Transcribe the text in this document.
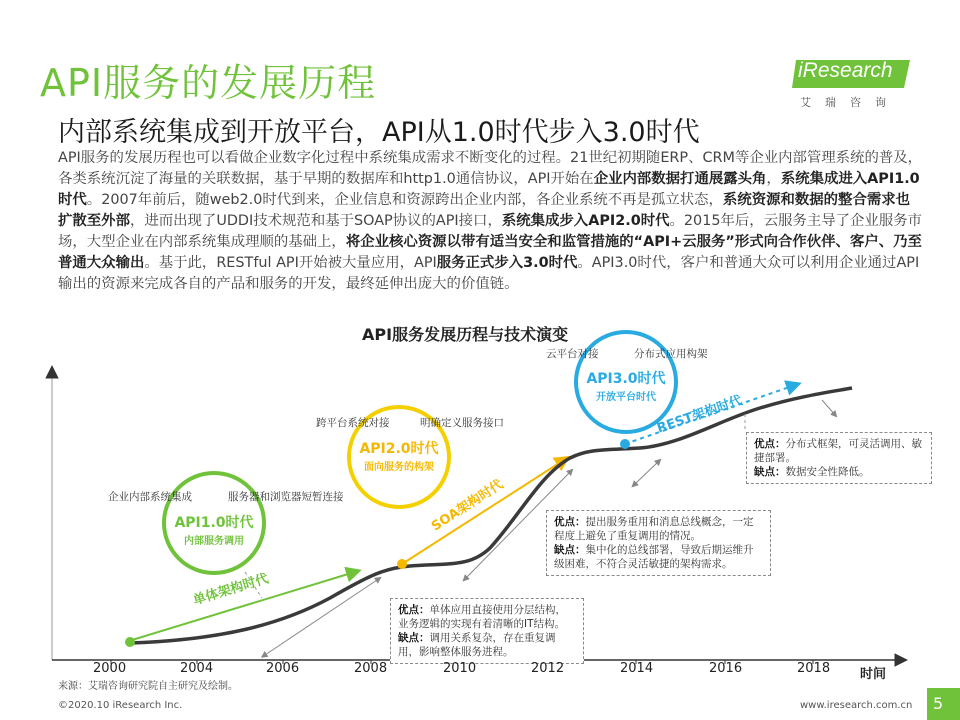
API服务的发展历程
内部系统集成到开放平台，API从1.0时代步入3.0时代
iResearch
艾瑞咨询
API服务的发展历程也可以看做企业数字化过程中系统集成需求不断变化的过程。21世纪初期随ERP、CRM等企业内部管理系统的普及，各类系统沉淀了海量的关联数据，基于早期的数据库和http1.0通信协议，API开始在企业内部数据打通展露头角，系统集成进入API1.0时代。2007年前后，随web2.0时代到来，企业信息和资源跨出企业内部，各企业系统不再是孤立状态，系统资源和数据的整合需求也扩散至外部，进而出现了UDDI技术规范和基于SOAP协议的API接口，系统集成步入API2.0时代。2015年后，云服务主导了企业服务市场，大型企业在内部系统集成理顺的基础上，将企业核心资源以带有适当安全和监管措施的“API+云服务”形式向合作伙伴、客户、乃至普通大众输出。基于此，RESTful API开始被大量应用，API服务正式步入3.0时代。API3.0时代，客户和普通大众可以利用企业通过API输出的资源来完成各自的产品和服务的开发，最终延伸出庞大的价值链。
API服务发展历程与技术演变
企业内部系统集成	服务器和浏览器短暂连接
跨平台系统对接	明确定义服务接口
云平台对接	分布式应用构架
API1.0时代
内部服务调用
API2.0时代
面向服务的构架
API3.0时代
开放平台时代
单体架构时代
SOA架构时代
REST架构时代
优点：单体应用直接使用分层结构，业务逻辑的实现有着清晰的IT结构。
缺点：调用关系复杂，存在重复调用，影响整体服务进程。
优点：提出服务重用和消息总线概念，一定程度上避免了重复调用的情况。
缺点：集中化的总线部署，导致后期运维升级困难，不符合灵活敏捷的架构需求。
优点：分布式框架，可灵活调用、敏捷部署。
缺点：数据安全性降低。
2000	2004	2006	2008	2010	2012	2014	2016	2018 时间
来源：艾瑞咨询研究院自主研究及绘制。
©2020.10 iResearch Inc.	www.iresearch.com.cn 5
